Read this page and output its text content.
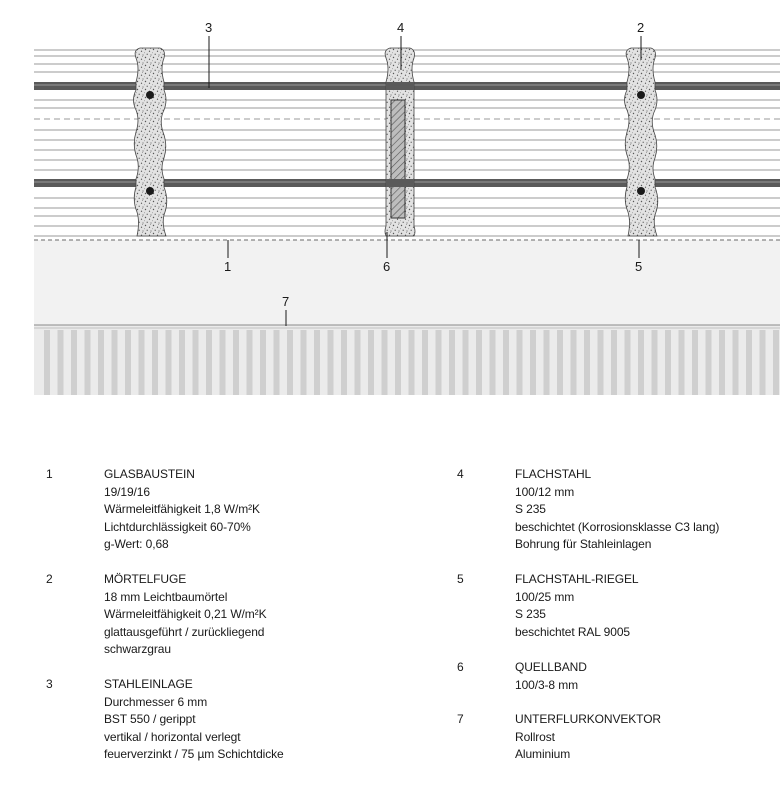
3	4	2
1	6	5
7
1	GLASBAUSTEIN
19/19/16
Wärmeleitfähigkeit 1,8 W/m²K
Lichtdurchlässigkeit 60-70%
g-Wert: 0,68
2	MÖRTELFUGE
18 mm Leichtbaumörtel
Wärmeleitfähigkeit 0,21 W/m²K
glattausgeführt / zurückliegend
schwarzgrau
3	STAHLEINLAGE
Durchmesser 6 mm
BST 550 / gerippt
vertikal / horizontal verlegt
feuerverzinkt / 75 µm Schichtdicke
4	FLACHSTAHL
100/12 mm
S 235
beschichtet (Korrosionsklasse C3 lang)
Bohrung für Stahleinlagen
5	FLACHSTAHL-RIEGEL
100/25 mm
S 235
beschichtet RAL 9005
6	QUELLBAND
100/3-8 mm
7	UNTERFLURKONVEKTOR
Rollrost
Aluminium
